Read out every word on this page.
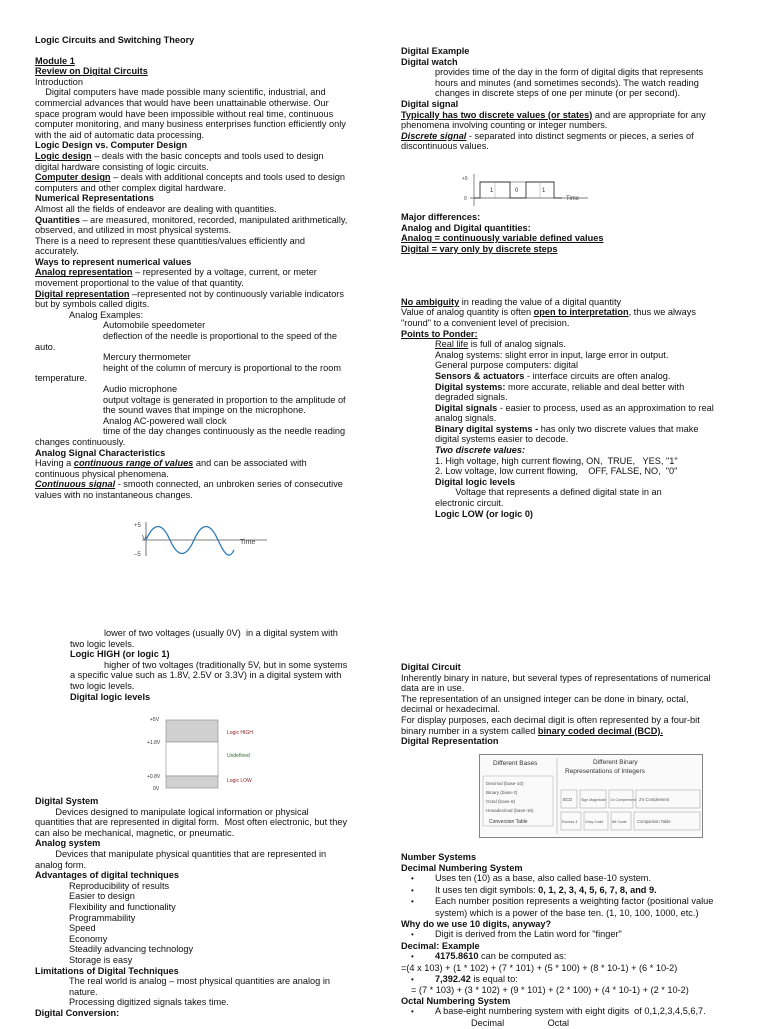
Logic Circuits and Switching Theory
Module 1
Review on Digital Circuits
Introduction
Digital computers have made possible many scientific, industrial, and
commercial advances that would have been unattainable otherwise. Our
space program would have been impossible without real time, continuous
computer monitoring, and many business enterprises function efficiently only
with the aid of automatic data processing.
Logic Design vs. Computer Design
Logic design – deals with the basic concepts and tools used to design
digital hardware consisting of logic circuits.
Computer design – deals with additional concepts and tools used to design
computers and other complex digital hardware.
Numerical Representations
Almost all the fields of endeavor are dealing with quantities.
Quantities – are measured, monitored, recorded, manipulated arithmetically,
observed, and utilized in most physical systems.
There is a need to represent these quantities/values efficiently and
accurately.
Ways to represent numerical values
Analog representation – represented by a voltage, current, or meter
movement proportional to the value of that quantity.
Digital representation –represented not by continuously variable indicators
but by symbols called digits.
Analog Examples:
Automobile speedometer
deflection of the needle is proportional to the speed of the
auto.
Mercury thermometer
height of the column of mercury is proportional to the room
temperature.
Audio microphone
output voltage is generated in proportion to the amplitude of
the sound waves that impinge on the microphone.
Analog AC-powered wall clock
time of the day changes continuously as the needle reading
changes continuously.
Analog Signal Characteristics
Having a continuous range of values and can be associated with
continuous physical phenomena.
Continuous signal - smooth connected, an unbroken series of consecutive
values with no instantaneous changes.
+5
V
–5
Time
lower of two voltages (usually 0V)  in a digital system with
two logic levels.
Logic HIGH (or logic 1)
higher of two voltages (traditionally 5V, but in some systems
a specific value such as 1.8V, 2.5V or 3.3V) in a digital system with
two logic levels.
Digital logic levels
+5V
+1.8V
+0.8V
0V
Logic HIGH
Undefined
Logic LOW
Digital System
Devices designed to manipulate logical information or physical
quantities that are represented in digital form.  Most often electronic, but they
can also be mechanical, magnetic, or pneumatic.
Analog system
Devices that manipulate physical quantities that are represented in
analog form.
Advantages of digital techniques
Reproducibility of results
Easier to design
Flexibility and functionality
Programmability
Speed
Economy
Steadily advancing technology
Storage is easy
Limitations of Digital Techniques
The real world is analog – most physical quantities are analog in
nature.
Processing digitized signals takes time.
Digital Conversion:
Digital Example
Digital watch
provides time of the day in the form of digital digits that represents
hours and minutes (and sometimes seconds). The watch reading
changes in discrete steps of one per minute (or per second).
Digital signal
Typically has two discrete values (or states) and are appropriate for any
phenomena involving counting or integer numbers.
Discrete signal - separated into distinct segments or pieces, a series of
discontinuous values.
+5
0
1	0	1
Time
Major differences:
Analog and Digital quantities:
Analog = continuously variable defined values
Digital = vary only by discrete steps

No ambiguity in reading the value of a digital quantity
Value of analog quantity is often open to interpretation, thus we always
"round" to a convenient level of precision.
Points to Ponder:
Real life is full of analog signals.
Analog systems: slight error in input, large error in output.
General purpose computers: digital
Sensors & actuators - interface circuits are often analog.
Digital systems: more accurate, reliable and deal better with
degraded signals.
Digital signals - easier to process, used as an approximation to real
analog signals.
Binary digital systems - has only two discrete values that make
digital systems easier to decode.
Two discrete values:
1. High voltage, high current flowing, ON,  TRUE,   YES, "1"
2. Low voltage, low current flowing,    OFF, FALSE, NO,  "0"
Digital logic levels
Voltage that represents a defined digital state in an
electronic circuit.
Logic LOW (or logic 0)
Digital Circuit
Inherently binary in nature, but several types of representations of numerical
data are in use.
The representation of an unsigned integer can be done in binary, octal,
decimal or hexadecimal.
For display purposes, each decimal digit is often represented by a four-bit
binary number in a system called binary coded decimal (BCD).
Digital Representation
Different Bases	Different Binary
Representations of Integers
Decimal (base-10)
Binary (base-2)
Octal (base-8)
Hexadecimal (base-16)
Conversion Table
BCD Sign Magnitude 1's Complement 2's Complement
Excess 3 Gray Code Bit Code Comparison Table
Number Systems
Decimal Numbering System
• Uses ten (10) as a base, also called base-10 system.
• It uses ten digit symbols: 0, 1, 2, 3, 4, 5, 6, 7, 8, and 9.
• Each number position represents a weighting factor (positional value
system) which is a power of the base ten. (1, 10, 100, 1000, etc.)
Why do we use 10 digits, anyway?
• Digit is derived from the Latin word for "finger"
Decimal: Example
• 4175.8610 can be computed as:
=(4 x 103) + (1 * 102) + (7 * 101) + (5 * 100) + (8 * 10-1) + (6 * 10-2)
• 7,392.42 is equal to:
= (7 * 103) + (3 * 102) + (9 * 101) + (2 * 100) + (4 * 10-1) + (2 * 10-2)
Octal Numbering System
• A base-eight numbering system with eight digits  of 0,1,2,3,4,5,6,7.
Decimal                 Octal
